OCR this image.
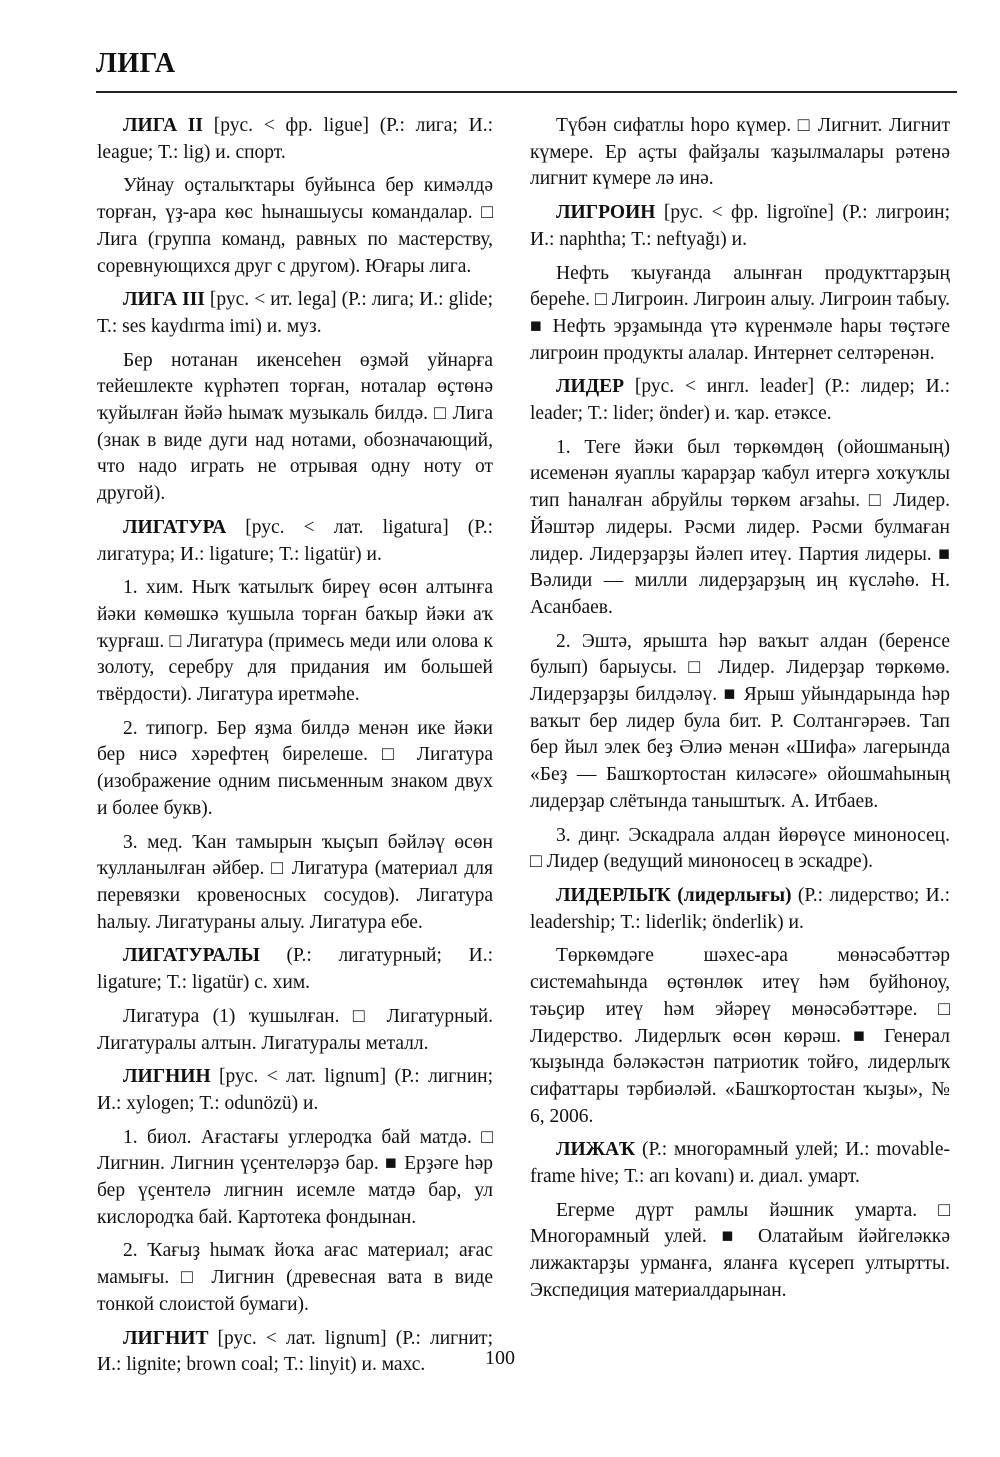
ЛИГА

ЛИГА II [рус. < фр. ligue] (Р.: лига; И.: league; Т.: lig) и. спорт.

Уйнау оҫталыҡтары буйынса бер кимәлдә торған, үҙ-ара көс һынашыусы командалар. □ Лига (группа команд, равных по мастерству, соревнующихся друг с другом). Юғары лига.

ЛИГА III [рус. < ит. lega] (Р.: лига; И.: glide; Т.: ses kaydırma imi) и. муз.

Бер нотанан икенсеһен өҙмәй уйнарға тейешлекте күрһәтеп торған, ноталар өҫтөнә ҡуйылған йәйә һымаҡ музыкаль билдә. □ Лига (знак в виде дуги над нотами, обозначающий, что надо играть не отрывая одну ноту от другой).

ЛИГАТУРА [рус. < лат. ligatura] (Р.: лигатура; И.: ligature; Т.: ligatür) и.

1. хим. Ныҡ ҡатылыҡ биреү өсөн алтынға йәки көмөшкә ҡушыла торған баҡыр йәки аҡ ҡурғаш. □ Лигатура (примесь меди или олова к золоту, серебру для придания им большей твёрдости). Лигатура иретмәһе.

2. типогр. Бер яҙма билдә менән ике йәки бер нисә хәрефтең бирелеше. □ Лигатура (изображение одним письменным знаком двух и более букв).

3. мед. Ҡан тамырын ҡыҫып бәйләү өсөн ҡулланылған әйбер. □ Лигатура (материал для перевязки кровеносных сосудов). Лигатура һалыу. Лигатураны алыу. Лигатура ебе.

ЛИГАТУРАЛЫ (Р.: лигатурный; И.: ligature; Т.: ligatür) с. хим.

Лигатура (1) ҡушылған. □ Лигатурный. Лигатуралы алтын. Лигатуралы металл.

ЛИГНИН [рус. < лат. lignum] (Р.: лигнин; И.: xylogen; Т.: odunözü) и.

1. биол. Ағастағы углеродҡа бай матдә. □ Лигнин. Лигнин үҫентеләрҙә бар. ■ Ерҙәге һәр бер үҫентелә лигнин исемле матдә бар, ул кислородҡа бай. Картотека фондынан.

2. Ҡағыҙ һымаҡ йоҡа ағас материал; ағас мамығы. □ Лигнин (древесная вата в виде тонкой слоистой бумаги).

ЛИГНИТ [рус. < лат. lignum] (Р.: лигнит; И.: lignite; brown coal; Т.: linyit) и. махс.

Түбән сифатлы һоро күмер. □ Лигнит. Лигнит күмере. Ер аҫты файҙалы ҡаҙылмалары рәтенә лигнит күмере лә инә.

ЛИГРОИН [рус. < фр. ligroïne] (Р.: лигроин; И.: naphtha; Т.: neftyağı) и.

Нефть ҡыуғанда алынған продукттарҙың береһе. □ Лигроин. Лигроин алыу. Лигроин табыу. ■ Нефть эрҙамында үтә күренмәле һары төҫтәге лигроин продукты алалар. Интернет селтәренән.

ЛИДЕР [рус. < ингл. leader] (Р.: лидер; И.: leader; Т.: lider; önder) и. ҡар. етәксе.

1. Теге йәки был төркөмдөң (ойошманың) исеменән яуаплы ҡарарҙар ҡабул итергә хоҡуҡлы тип һаналған абруйлы төркөм ағзаһы. □ Лидер. Йәштәр лидеры. Рәсми лидер. Рәсми булмаған лидер. Лидерҙарҙы йәлеп итеү. Партия лидеры. ■ Вәлиди — милли лидерҙарҙың иң күсләһө. Н. Асанбаев.

2. Эштә, ярышта һәр ваҡыт алдан (беренсе булып) барыусы. □ Лидер. Лидерҙар төркөмө. Лидерҙарҙы билдәләү. ■ Ярыш уйындарында һәр ваҡыт бер лидер була бит. Р. Солтангәрәев. Тап бер йыл элек беҙ Әлиә менән «Шифа» лагерында «Беҙ — Башҡортостан киләсәге» ойошмаһының лидерҙар слётында таныштыҡ. А. Итбаев.

3. диңг. Эскадрала алдан йөрөүсе миноносец. □ Лидер (ведущий миноносец в эскадре).

ЛИДЕРЛЫҠ (лидерлығы) (Р.: лидерство; И.: leadership; Т.: liderlik; önderlik) и.

Төркөмдәге шәхес-ара мөнәсәбәттәр системаһында өҫтөнлөк итеү һәм буйһоноу, тәьҫир итеү һәм эйәреү мөнәсәбәттәре. □ Лидерство. Лидерлыҡ өсөн көрәш. ■ Генерал ҡыҙында бәләкәстән патриотик тойғо, лидерлыҡ сифаттары тәрбиәләй. «Башҡортостан ҡыҙы», № 6, 2006.

ЛИЖАҠ (Р.: многорамный улей; И.: movable-frame hive; Т.: arı kovanı) и. диал. умарт.

Егерме дүрт рамлы йәшник умарта. □ Многорамный улей. ■ Олатайым йәйгеләккә лижактарҙы урманға, яланға күсереп ултыртты. Экспедиция материалдарынан.

100
